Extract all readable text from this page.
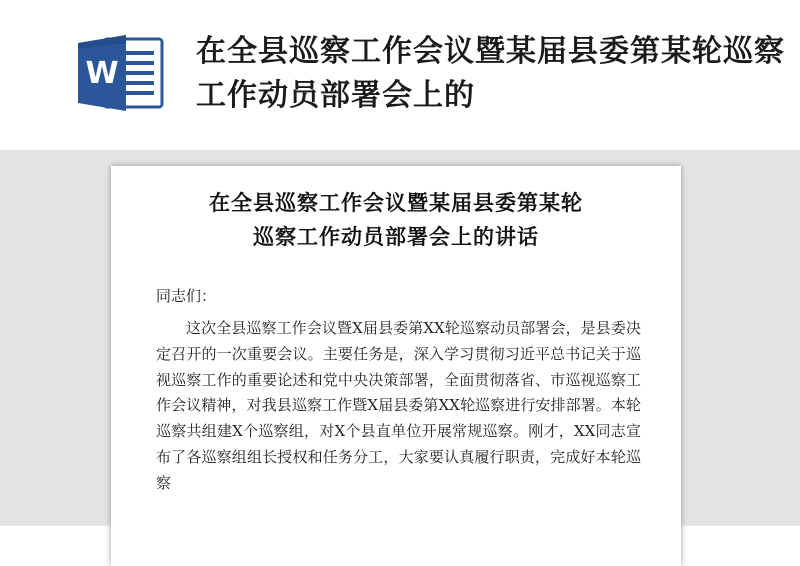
W
在全县巡察工作会议暨某届县委第某轮巡察工作动员部署会上的
在全县巡察工作会议暨某届县委第某轮
巡察工作动员部署会上的讲话

同志们：

这次全县巡察工作会议暨X届县委第XX轮巡察动员部署会，是县委决定召开的一次重要会议。主要任务是，深入学习贯彻习近平总书记关于巡视巡察工作的重要论述和党中央决策部署，全面贯彻落省、市巡视巡察工作会议精神，对我县巡察工作暨X届县委第XX轮巡察进行安排部署。本轮巡察共组建X个巡察组，对X个县直单位开展常规巡察。刚才，XX同志宣布了各巡察组组长授权和任务分工，大家要认真履行职责，完成好本轮巡察
